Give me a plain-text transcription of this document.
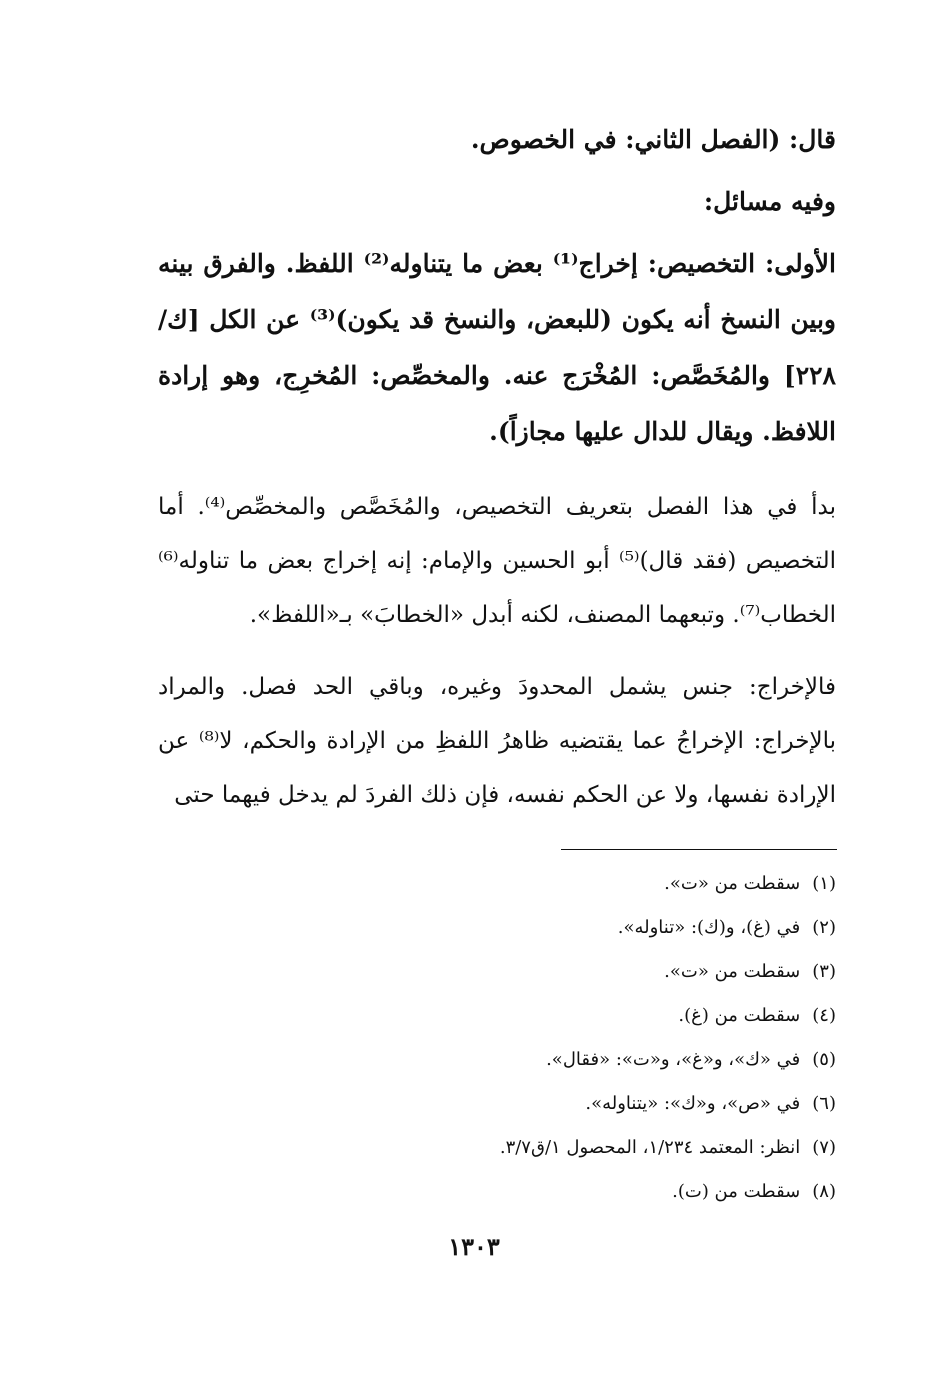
قال: (الفصل الثاني: في الخصوص.

وفيه مسائل:

الأولى: التخصيص: إخراج⁽¹⁾ بعض ما يتناوله⁽²⁾ اللفظ. والفرق بينه وبين النسخ أنه يكون (للبعض، والنسخ قد يكون)⁽³⁾ عن الكل [ك/٢٢٨] والمُخَصَّص: المُخْرَج عنه. والمخصِّص: المُخرِج، وهو إرادة اللافظ. ويقال للدال عليها مجازاً).

بدأ في هذا الفصل بتعريف التخصيص، والمُخَصَّص والمخصِّص⁽⁴⁾. أما التخصيص (فقد قال)⁽⁵⁾ أبو الحسين والإمام: إنه إخراج بعض ما تناوله⁽⁶⁾ الخطاب⁽⁷⁾. وتبعهما المصنف، لكنه أبدل «الخطابَ» بـ«اللفظ».

فالإخراج: جنس يشمل المحدودَ وغيره، وباقي الحد فصل. والمراد بالإخراج: الإخراجُ عما يقتضيه ظاهرُ اللفظِ من الإرادة والحكم، لا⁽⁸⁾ عن الإرادة نفسها، ولا عن الحكم نفسه، فإن ذلك الفردَ لم يدخل فيهما حتى

(١)
سقطت من «ت».
(٢)
في (غ)، و(ك): «تناوله».
(٣)
سقطت من «ت».
(٤)
سقطت من (غ).
(٥)
في «ك»، و«غ»، و«ت»: «فقال».
(٦)
في «ص»، و«ك»: «يتناوله».
(٧)
انظر: المعتمد ١/٢٣٤، المحصول ١/ق٣/٧.
(٨)
سقطت من (ت).
١٣٠٣
